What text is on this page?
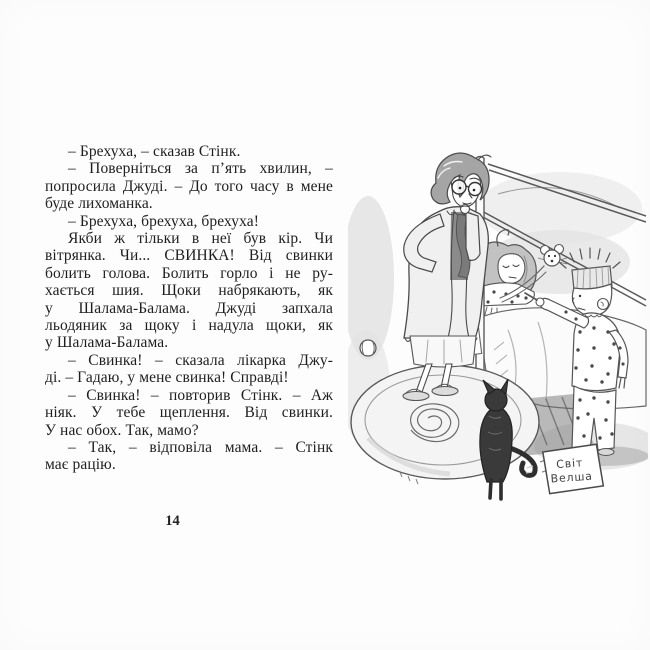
– Брехуха, – сказав Стінк.
– Поверніться за п’ять хвилин, –
попросила Джуді. – До того часу в мене
буде лихоманка.
– Брехуха, брехуха, брехуха!
Якби ж тільки в неї був кір. Чи
вітрянка. Чи... СВИНКА! Від свинки
болить голова. Болить горло і не ру-
хається шия. Щоки набрякають, як
у Шалама-Балама. Джуді запхала
льодяник за щоку і надула щоки, як
у Шалама-Балама.
– Свинка! – сказала лікарка Джу-
ді. – Гадаю, у мене свинка! Справді!
– Свинка! – повторив Стінк. – Аж
ніяк. У тебе щеплення. Від свинки.
У нас обох. Так, мамо?
– Так, – відповіла мама. – Стінк
має рацію.	Світ
Велша
14
